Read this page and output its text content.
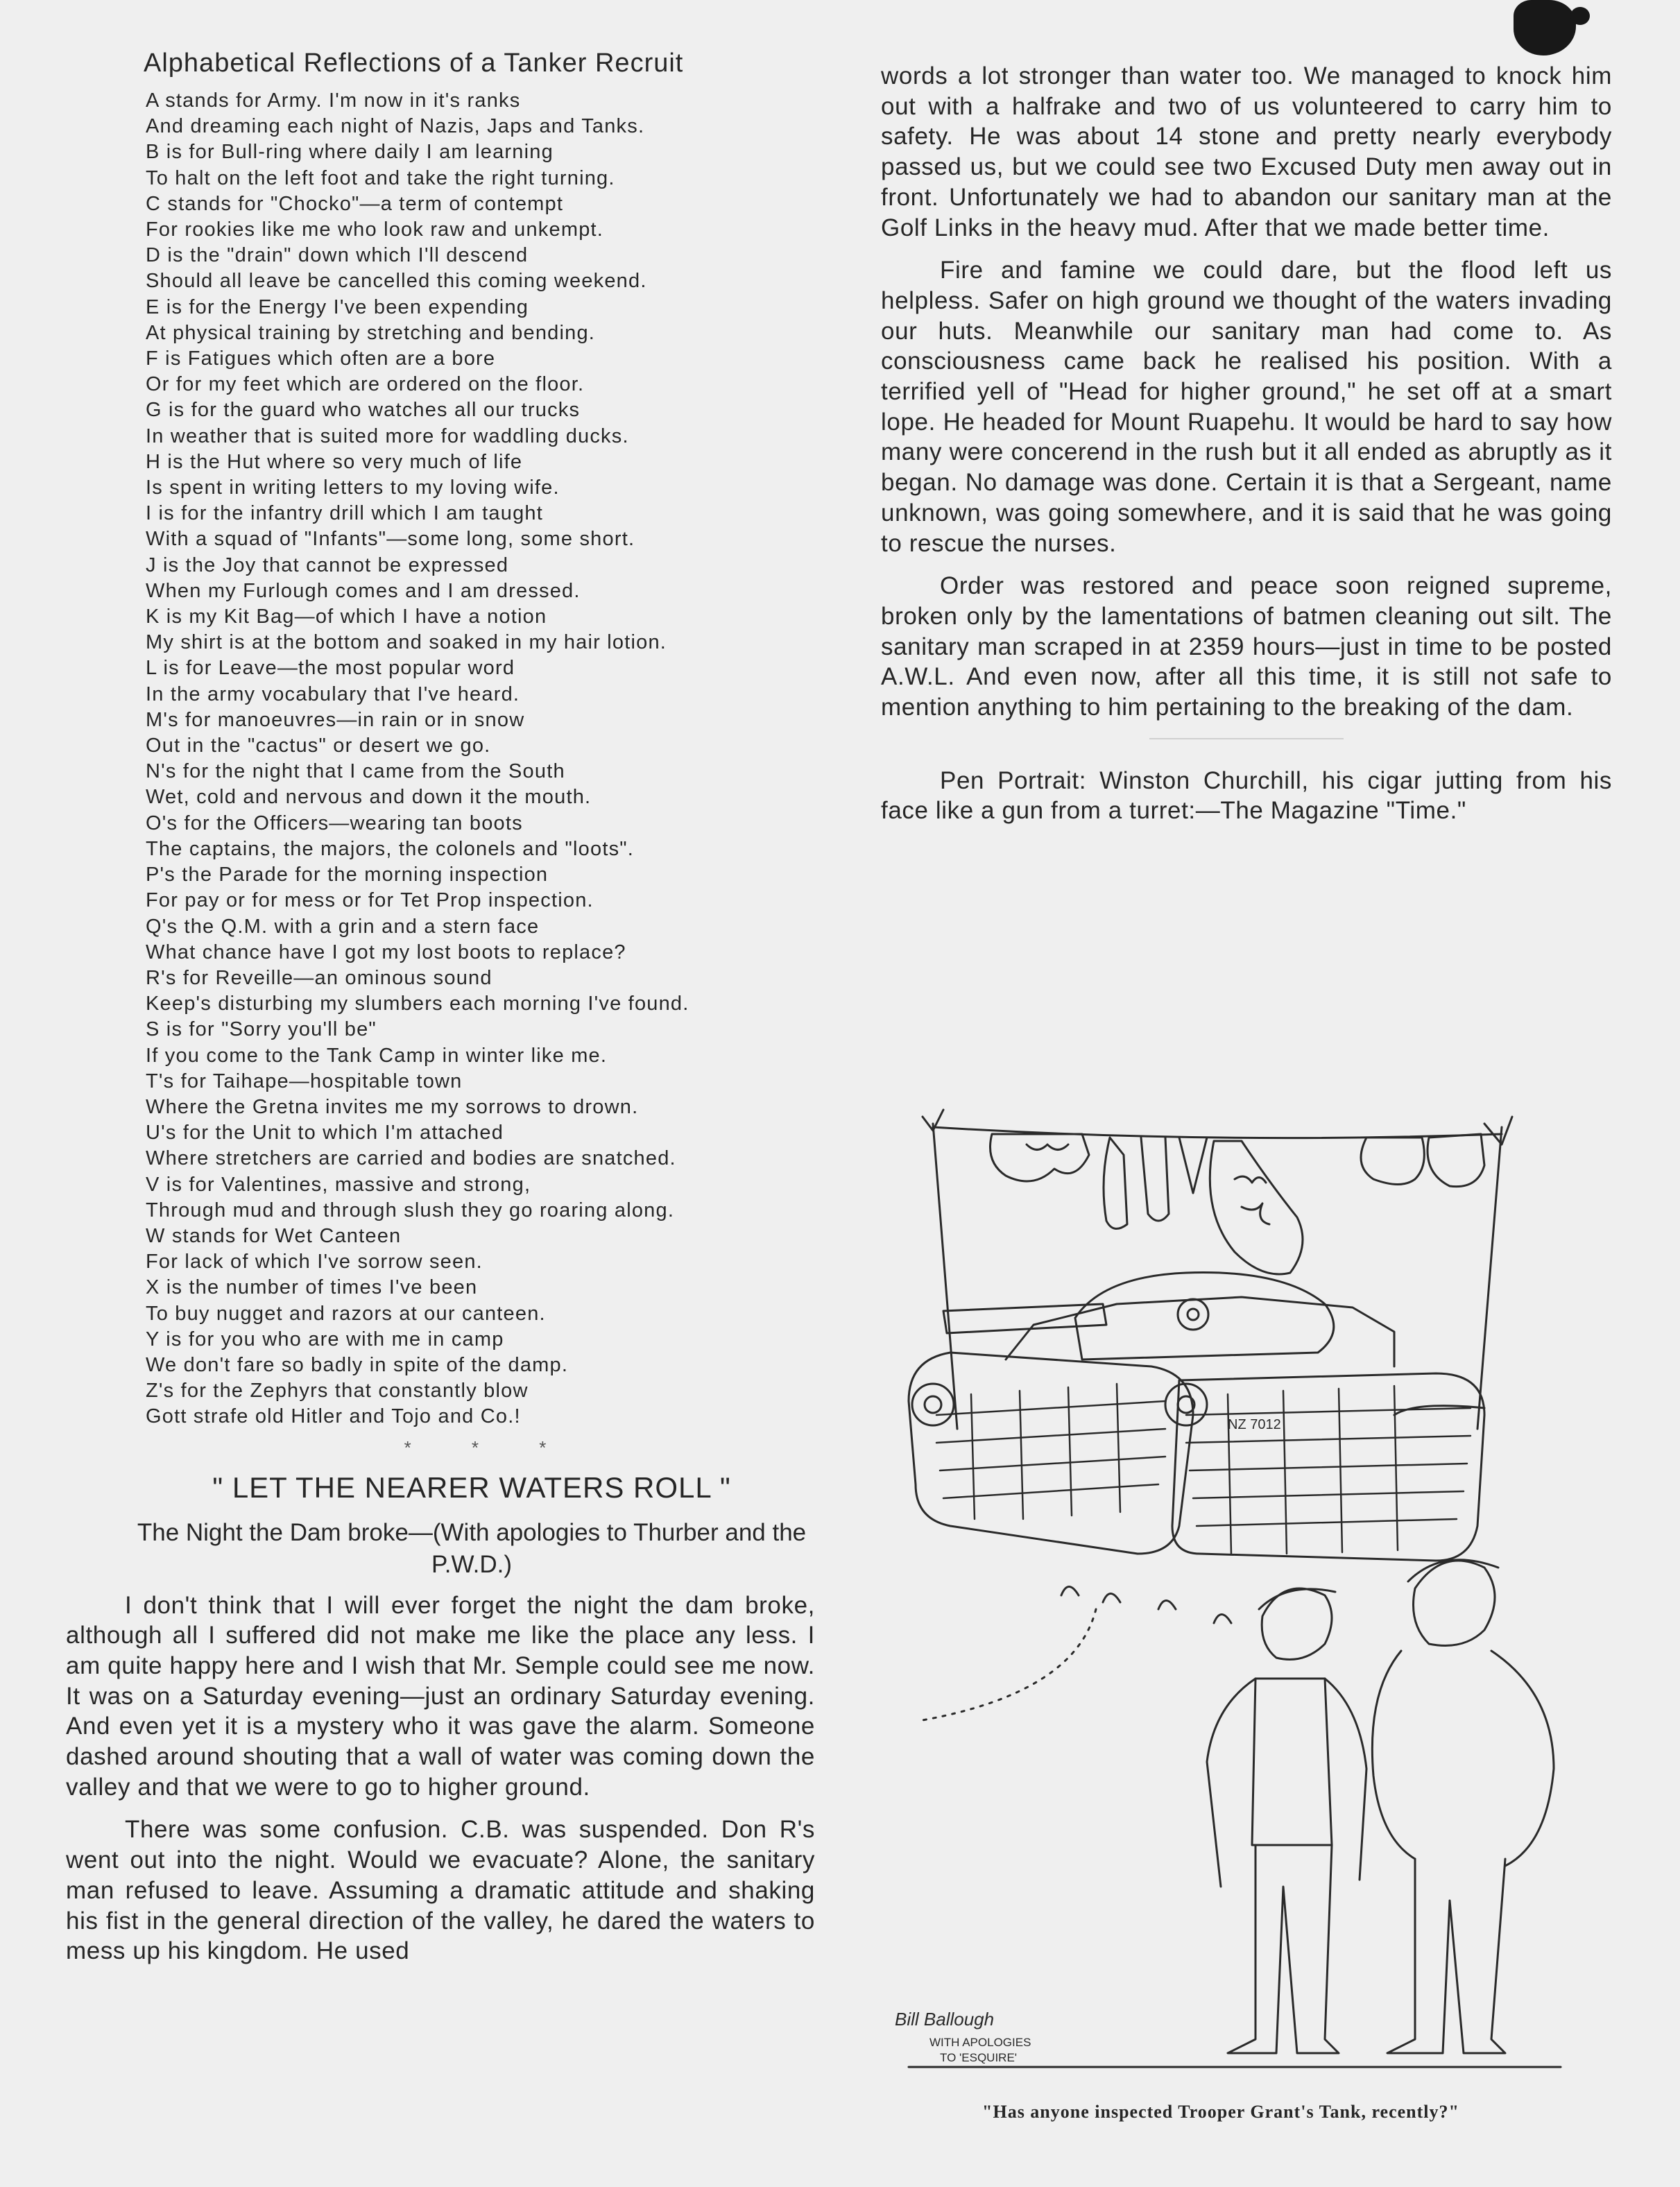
Alphabetical Reflections of a Tanker Recruit
A stands for Army. I'm now in it's ranks
And dreaming each night of Nazis, Japs and Tanks.
B is for Bull-ring where daily I am learning
To halt on the left foot and take the right turning.
C stands for "Chocko"—a term of contempt
For rookies like me who look raw and unkempt.
D is the "drain" down which I'll descend
Should all leave be cancelled this coming weekend.
E is for the Energy I've been expending
At physical training by stretching and bending.
F is Fatigues which often are a bore
Or for my feet which are ordered on the floor.
G is for the guard who watches all our trucks
In weather that is suited more for waddling ducks.
H is the Hut where so very much of life
Is spent in writing letters to my loving wife.
I is for the infantry drill which I am taught
With a squad of "Infants"—some long, some short.
J is the Joy that cannot be expressed
When my Furlough comes and I am dressed.
K is my Kit Bag—of which I have a notion
My shirt is at the bottom and soaked in my hair lotion.
L is for Leave—the most popular word
In the army vocabulary that I've heard.
M's for manoeuvres—in rain or in snow
Out in the "cactus" or desert we go.
N's for the night that I came from the South
Wet, cold and nervous and down it the mouth.
O's for the Officers—wearing tan boots
The captains, the majors, the colonels and "loots".
P's the Parade for the morning inspection
For pay or for mess or for Tet Prop inspection.
Q's the Q.M. with a grin and a stern face
What chance have I got my lost boots to replace?
R's for Reveille—an ominous sound
Keep's disturbing my slumbers each morning I've found.
S is for "Sorry you'll be"
If you come to the Tank Camp in winter like me.
T's for Taihape—hospitable town
Where the Gretna invites me my sorrows to drown.
U's for the Unit to which I'm attached
Where stretchers are carried and bodies are snatched.
V is for Valentines, massive and strong,
Through mud and through slush they go roaring along.
W stands for Wet Canteen
For lack of which I've sorrow seen.
X is the number of times I've been
To buy nugget and razors at our canteen.
Y is for you who are with me in camp
We don't fare so badly in spite of the damp.
Z's for the Zephyrs that constantly blow
Gott strafe old Hitler and Tojo and Co.!
* * *
" LET THE NEARER WATERS ROLL "
The Night the Dam broke—(With apologies to Thurber and the P.W.D.)

I don't think that I will ever forget the night the dam broke, although all I suffered did not make me like the place any less. I am quite happy here and I wish that Mr. Semple could see me now. It was on a Saturday evening—just an ordinary Saturday evening. And even yet it is a mystery who it was gave the alarm. Someone dashed around shouting that a wall of water was coming down the valley and that we were to go to higher ground.

There was some confusion. C.B. was suspended. Don R's went out into the night. Would we evacuate? Alone, the sanitary man refused to leave. Assuming a dramatic attitude and shaking his fist in the general direction of the valley, he dared the waters to mess up his kingdom. He used

words a lot stronger than water too. We managed to knock him out with a halfrake and two of us volunteered to carry him to safety. He was about 14 stone and pretty nearly everybody passed us, but we could see two Excused Duty men away out in front. Unfortunately we had to abandon our sanitary man at the Golf Links in the heavy mud. After that we made better time.

Fire and famine we could dare, but the flood left us helpless. Safer on high ground we thought of the waters invading our huts. Meanwhile our sanitary man had come to. As consciousness came back he realised his position. With a terrified yell of "Head for higher ground," he set off at a smart lope. He headed for Mount Ruapehu. It would be hard to say how many were concerend in the rush but it all ended as abruptly as it began. No damage was done. Certain it is that a Sergeant, name unknown, was going somewhere, and it is said that he was going to rescue the nurses.

Order was restored and peace soon reigned supreme, broken only by the lamentations of batmen cleaning out silt. The sanitary man scraped in at 2359 hours—just in time to be posted A.W.L. And even now, after all this time, it is still not safe to mention anything to him pertaining to the breaking of the dam.

Pen Portrait: Winston Churchill, his cigar jutting from his face like a gun from a turret:—The Magazine "Time."

NZ 7012
Bill Ballough
WITH APOLOGIES
TO 'ESQUIRE'
"Has anyone inspected Trooper Grant's Tank, recently?"
